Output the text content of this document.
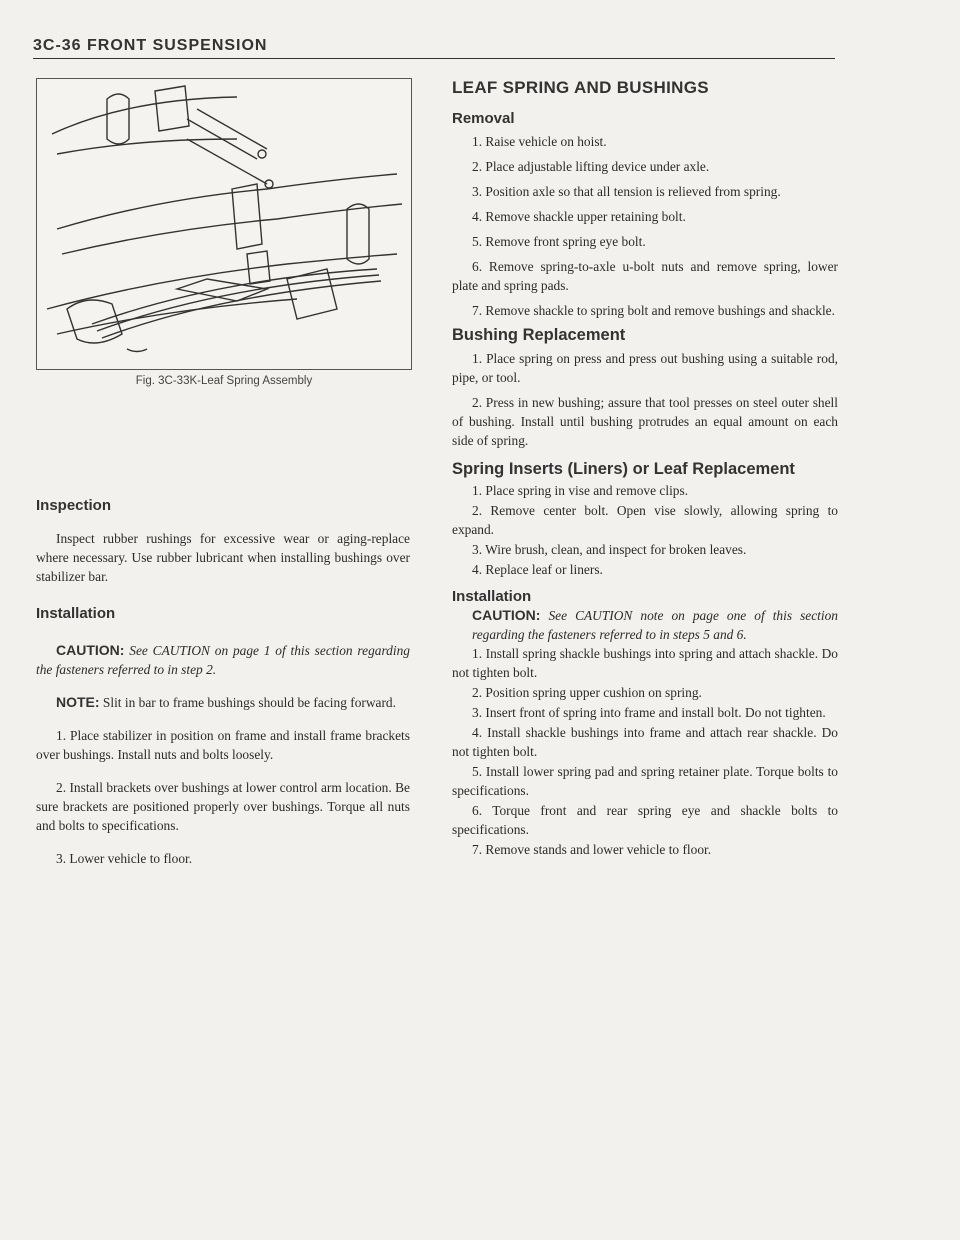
3C-36 FRONT SUSPENSION
Fig. 3C-33K-Leaf Spring Assembly
Inspection

Inspect rubber rushings for excessive wear or aging-replace where necessary. Use rubber lubricant when installing bushings over stabilizer bar.

Installation

CAUTION: See CAUTION on page 1 of this section regarding the fasteners referred to in step 2.

NOTE: Slit in bar to frame bushings should be facing forward.

1. Place stabilizer in position on frame and install frame brackets over bushings. Install nuts and bolts loosely.

2. Install brackets over bushings at lower control arm location. Be sure brackets are positioned properly over bushings. Torque all nuts and bolts to specifications.

3. Lower vehicle to floor.

LEAF SPRING AND BUSHINGS
Removal

1. Raise vehicle on hoist.

2. Place adjustable lifting device under axle.

3. Position axle so that all tension is relieved from spring.

4. Remove shackle upper retaining bolt.

5. Remove front spring eye bolt.

6. Remove spring-to-axle u-bolt nuts and remove spring, lower plate and spring pads.

7. Remove shackle to spring bolt and remove bushings and shackle.

Bushing Replacement

1. Place spring on press and press out bushing using a suitable rod, pipe, or tool.

2. Press in new bushing; assure that tool presses on steel outer shell of bushing. Install until bushing protrudes an equal amount on each side of spring.

Spring Inserts (Liners) or Leaf Replacement

1. Place spring in vise and remove clips.

2. Remove center bolt. Open vise slowly, allowing spring to expand.

3. Wire brush, clean, and inspect for broken leaves.

4. Replace leaf or liners.

Installation

CAUTION: See CAUTION note on page one of this section regarding the fasteners referred to in steps 5 and 6.

1. Install spring shackle bushings into spring and attach shackle. Do not tighten bolt.

2. Position spring upper cushion on spring.

3. Insert front of spring into frame and install bolt. Do not tighten.

4. Install shackle bushings into frame and attach rear shackle. Do not tighten bolt.

5. Install lower spring pad and spring retainer plate. Torque bolts to specifications.

6. Torque front and rear spring eye and shackle bolts to specifications.

7. Remove stands and lower vehicle to floor.
